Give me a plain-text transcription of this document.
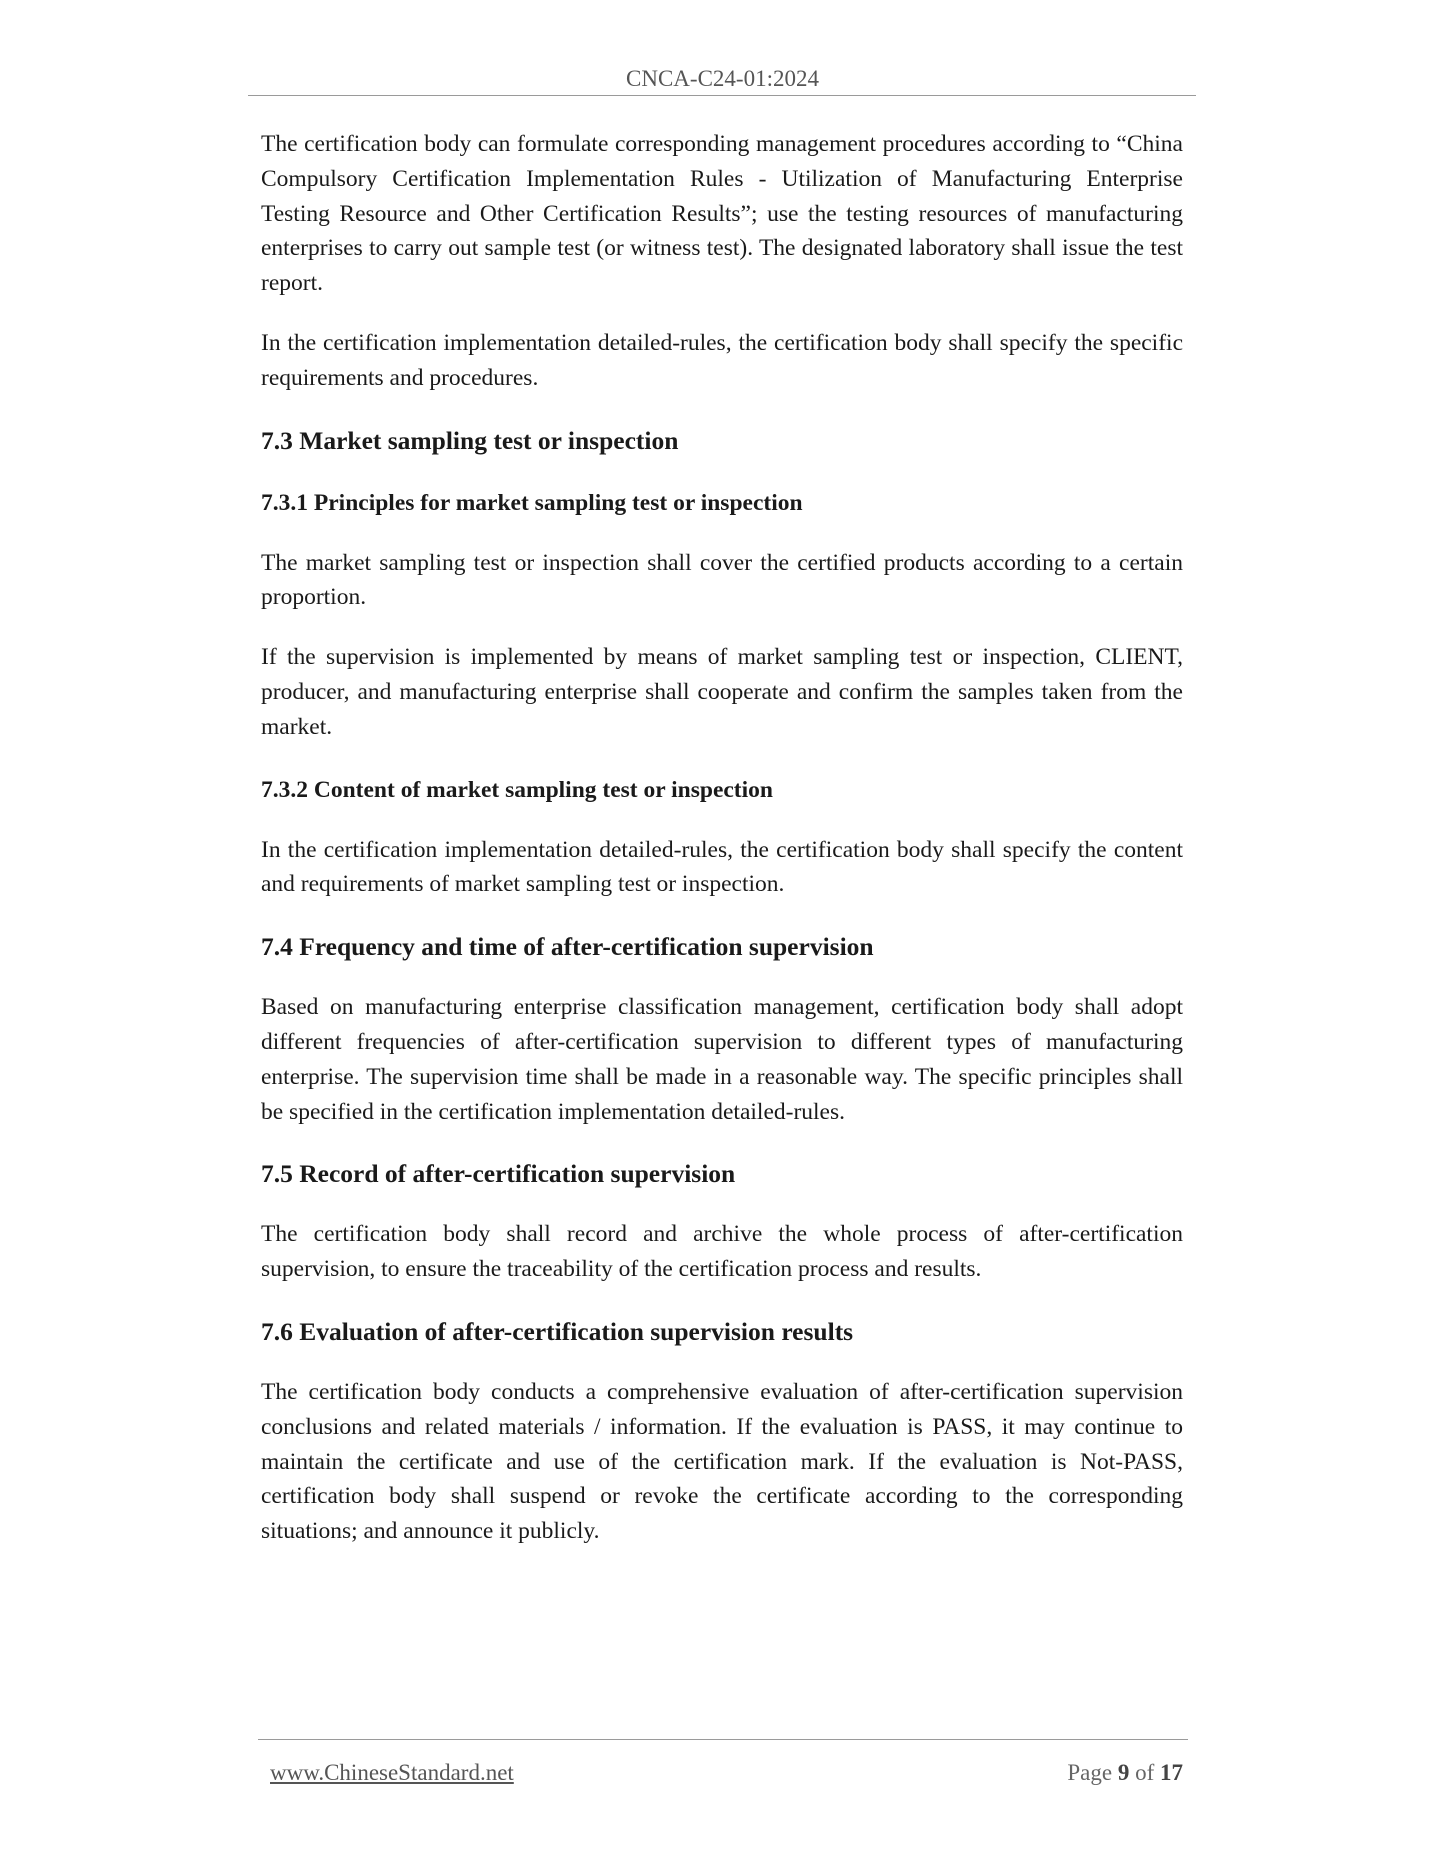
CNCA-C24-01:2024

The certification body can formulate corresponding management procedures according to “China Compulsory Certification Implementation Rules - Utilization of Manufacturing Enterprise Testing Resource and Other Certification Results”; use the testing resources of manufacturing enterprises to carry out sample test (or witness test). The designated laboratory shall issue the test report.

In the certification implementation detailed-rules, the certification body shall specify the specific requirements and procedures.

7.3 Market sampling test or inspection
7.3.1 Principles for market sampling test or inspection

The market sampling test or inspection shall cover the certified products according to a certain proportion.

If the supervision is implemented by means of market sampling test or inspection, CLIENT, producer, and manufacturing enterprise shall cooperate and confirm the samples taken from the market.

7.3.2 Content of market sampling test or inspection

In the certification implementation detailed-rules, the certification body shall specify the content and requirements of market sampling test or inspection.

7.4 Frequency and time of after-certification supervision

Based on manufacturing enterprise classification management, certification body shall adopt different frequencies of after-certification supervision to different types of manufacturing enterprise. The supervision time shall be made in a reasonable way. The specific principles shall be specified in the certification implementation detailed-rules.

7.5 Record of after-certification supervision

The certification body shall record and archive the whole process of after-certification supervision, to ensure the traceability of the certification process and results.

7.6 Evaluation of after-certification supervision results

The certification body conducts a comprehensive evaluation of after-certification supervision conclusions and related materials / information. If the evaluation is PASS, it may continue to maintain the certificate and use of the certification mark. If the evaluation is Not-PASS, certification body shall suspend or revoke the certificate according to the corresponding situations; and announce it publicly.

www.ChineseStandard.net	Page 9 of 17
